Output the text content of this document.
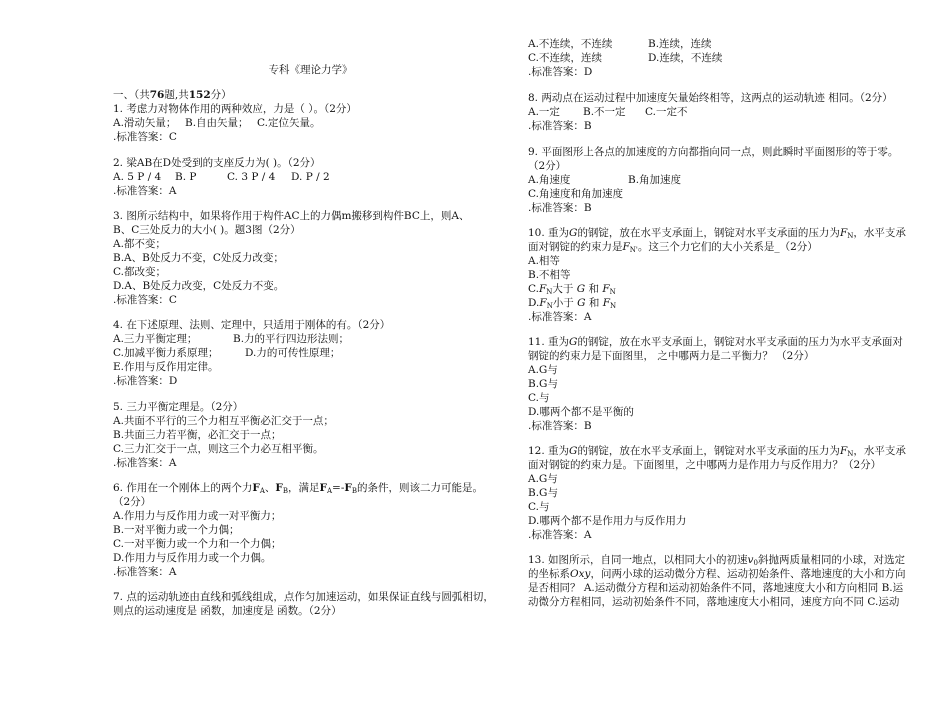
专科《理论力学》
一、（共76题,共152分）
1. 考虑力对物体作用的两种效应，力是（ ）。（2分）
A.滑动矢量； B.自由矢量； C.定位矢量。
.标准答案：C
2. 梁AB在D处受到的支座反力为( )。（2分）
A. 5 P / 4	B. P	C. 3 P / 4	D. P / 2
.标准答案：A
3. 图所示结构中，如果将作用于构件AC上的力偶m搬移到构件BC上，则A、
B、C三处反力的大小( )。题3图（2分）
A.都不变；
B.A、B处反力不变，C处反力改变；
C.都改变；
D.A、B处反力改变，C处反力不变。
.标准答案：C
4. 在下述原理、法则、定理中，只适用于刚体的有。（2分）
A.三力平衡定理；	B.力的平行四边形法则；
C.加减平衡力系原理；	D.力的可传性原理；
E.作用与反作用定律。
.标准答案：D
5. 三力平衡定理是。（2分）
A.共面不平行的三个力相互平衡必汇交于一点；
B.共面三力若平衡，必汇交于一点；
C.三力汇交于一点，则这三个力必互相平衡。
.标准答案：A
6. 作用在一个刚体上的两个力$F_A$、$F_B$，满足$F_A=-F_B$的条件，则该二力可能是。
（2分）
A.作用力与反作用力或一对平衡力；
B.一对平衡力或一个力偶；
C.一对平衡力或一个力和一个力偶；
D.作用力与反作用力或一个力偶。
.标准答案：A
7. 点的运动轨迹由直线和弧线组成，点作匀加速运动，如果保证直线与圆弧相切，
则点的运动速度是 函数，加速度是 函数。（2分）
A.不连续，不连续	B.连续，连续
C.不连续，连续	D.连续，不连续
.标准答案：D
8. 两动点在运动过程中加速度矢量始终相等，这两点的运动轨迹 相同。（2分）
A.一定	B.不一定	C.一定不
.标准答案：B
9. 平面图形上各点的加速度的方向都指向同一点，则此瞬时平面图形的等于零。
（2分）
A.角速度	B.角加速度
C.角速度和角加速度
.标准答案：B
10. 重为G的钢锭，放在水平支承面上，钢锭对水平支承面的压力为$F_N$，水平支承
面对钢锭的约束力是$F_{N'}$。这三个力它们的大小关系是_（2分）
A.相等
B.不相等
$C.F_N$大于 G 和 $F_N$
$D.F_N$小于 G 和 $F_N$
.标准答案：A
11. 重为G的钢锭，放在水平支承面上，钢锭对水平支承面的压力为水平支承面对
钢锭的约束力是下面图里， 之中哪两力是二平衡力？ （2分）
A.G与
B.G与
C.与
D.哪两个都不是平衡的
.标准答案：B
12. 重为G的钢锭，放在水平支承面上，钢锭对水平支承面的压力为$F_N$，水平支承
面对钢锭的约束力是。下面图里，之中哪两力是作用力与反作用力？（2分）
A.G与
B.G与
C.与
D.哪两个都不是作用力与反作用力
.标准答案：A
13. 如图所示，自同一地点，以相同大小的初速$v_0$斜抛两质量相同的小球，对选定
的坐标系Oxy，问两小球的运动微分方程、运动初始条件、落地速度的大小和方向
是否相同？ A.运动微分方程和运动初始条件不同，落地速度大小和方向相同 B.运
动微分方程相同，运动初始条件不同，落地速度大小相同，速度方向不同 C.运动
